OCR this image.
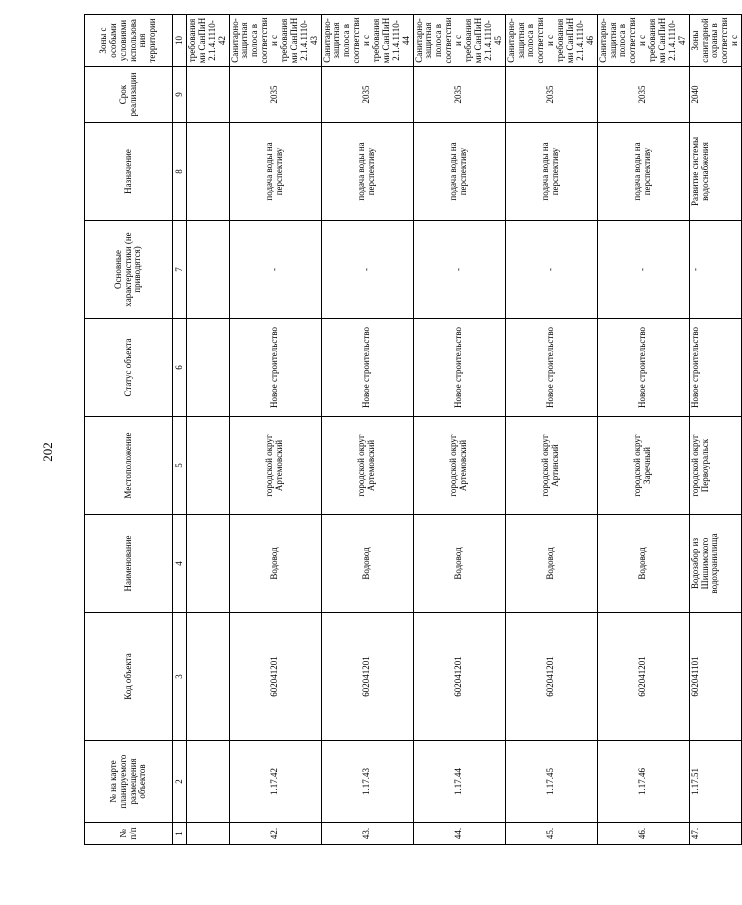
202
№ п/п	№ на карте планируемого размещения объектов	Код объекта	Наименование	Местоположение	Статус объекта	Основные характеристики (не приводятся)	Назначение	Срок реализации	Зоны с особыми условиями использования территории
1	2	3	4	5	6	7	8	9	10
									требованиями СанПиН 2.1.4.1110-42
42.	1.17.42	602041201	Водовод	городской округ Артемовский	Новое строительство	-	подача воды на перспективу	2035	Санитарно-защитная полоса в соответствии с требованиями СанПиН 2.1.4.1110-43
43.	1.17.43	602041201	Водовод	городской округ Артемовский	Новое строительство	-	подача воды на перспективу	2035	Санитарно-защитная полоса в соответствии с требованиями СанПиН 2.1.4.1110-44
44.	1.17.44	602041201	Водовод	городской округ Артемовский	Новое строительство	-	подача воды на перспективу	2035	Санитарно-защитная полоса в соответствии с требованиями СанПиН 2.1.4.1110-45
45.	1.17.45	602041201	Водовод	городской округ Артинский	Новое строительство	-	подача воды на перспективу	2035	Санитарно-защитная полоса в соответствии с требованиями СанПиН 2.1.4.1110-46
46.	1.17.46	602041201	Водовод	городской округ Заречный	Новое строительство	-	подача воды на перспективу	2035	Санитарно-защитная полоса в соответствии с требованиями СанПиН 2.1.4.1110-47
47.	1.17.51	602041101	Водозабор из Шишимского водохранилища	городской округ Первоуральск	Новое строительство	-	Развитие системы водоснабжения	2040	Зоны санитарной охраны в соответствии с
